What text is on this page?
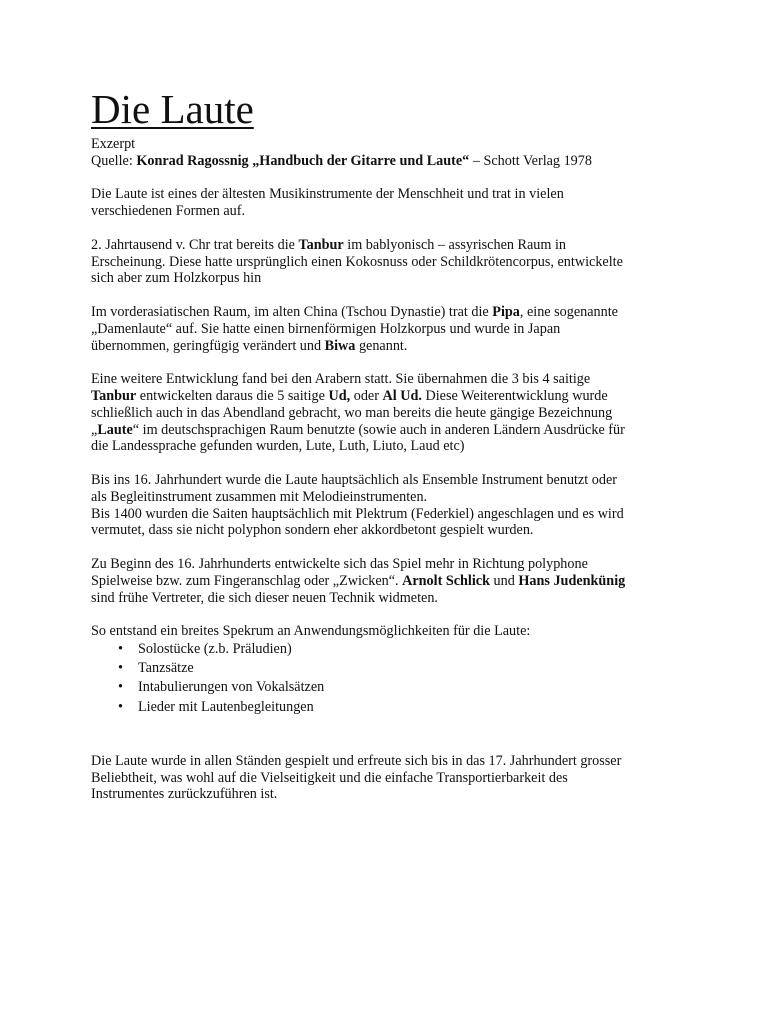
Die Laute
Exzerpt
Quelle: Konrad Ragossnig „Handbuch der Gitarre und Laute“ – Schott Verlag 1978
Die Laute ist eines der ältesten Musikinstrumente der Menschheit und trat in vielen
verschiedenen Formen auf.
2. Jahrtausend v. Chr trat bereits die Tanbur im bablyonisch – assyrischen Raum in
Erscheinung. Diese hatte ursprünglich einen Kokosnuss oder Schildkrötencorpus, entwickelte
sich aber zum Holzkorpus hin
Im vorderasiatischen Raum, im alten China (Tschou Dynastie) trat die Pipa, eine sogenannte
„Damenlaute“ auf. Sie hatte einen birnenförmigen Holzkorpus und wurde in Japan
übernommen, geringfügig verändert und Biwa genannt.
Eine weitere Entwicklung fand bei den Arabern statt. Sie übernahmen die 3 bis 4 saitige
Tanbur entwickelten daraus die 5 saitige Ud, oder Al Ud. Diese Weiterentwicklung wurde
schließlich auch in das Abendland gebracht, wo man bereits die heute gängige Bezeichnung
„Laute“ im deutschsprachigen Raum benutzte (sowie auch in anderen Ländern Ausdrücke für
die Landessprache gefunden wurden, Lute, Luth, Liuto, Laud etc)
Bis ins 16. Jahrhundert wurde die Laute hauptsächlich als Ensemble Instrument benutzt oder
als Begleitinstrument zusammen mit Melodieinstrumenten.
Bis 1400 wurden die Saiten hauptsächlich mit Plektrum (Federkiel) angeschlagen und es wird
vermutet, dass sie nicht polyphon sondern eher akkordbetont gespielt wurden.
Zu Beginn des 16. Jahrhunderts entwickelte sich das Spiel mehr in Richtung polyphone
Spielweise bzw. zum Fingeranschlag oder „Zwicken“. Arnolt Schlick und Hans Judenkünig
sind frühe Vertreter, die sich dieser neuen Technik widmeten.
So entstand ein breites Spekrum an Anwendungsmöglichkeiten für die Laute:
• Solostücke (z.b. Präludien)
• Tanzsätze
• Intabulierungen von Vokalsätzen
• Lieder mit Lautenbegleitungen
Die Laute wurde in allen Ständen gespielt und erfreute sich bis in das 17. Jahrhundert grosser
Beliebtheit, was wohl auf die Vielseitigkeit und die einfache Transportierbarkeit des
Instrumentes zurückzuführen ist.
